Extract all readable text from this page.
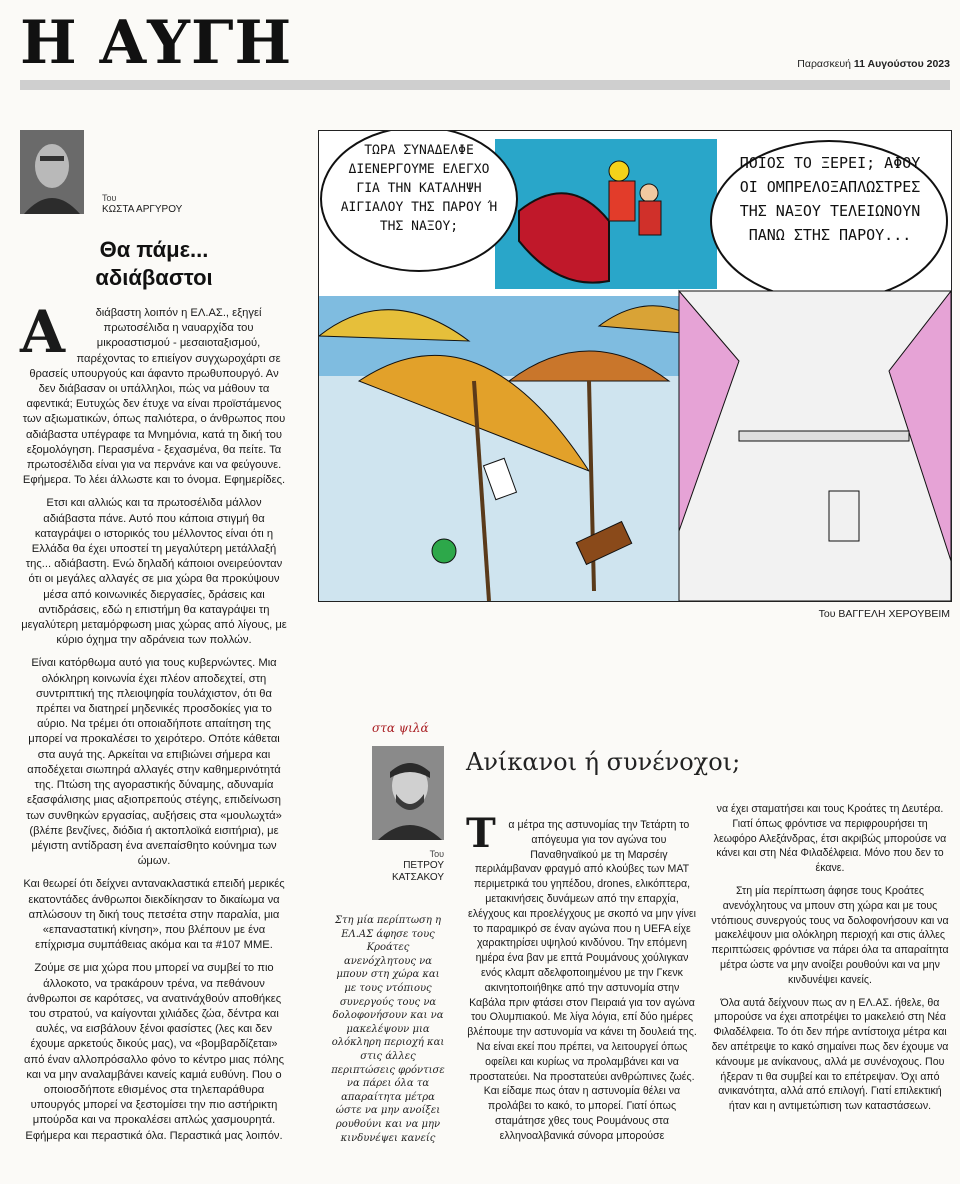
Η ΑΥΓΗ	Παρασκευή 11 Αυγούστου 2023
Του
ΚΩΣΤΑ ΑΡΓΥΡΟΥ
Θα πάμε...
αδιάβαστοι

Α	διάβαστη λοιπόν η ΕΛ.ΑΣ., εξηγεί πρωτοσέλιδα η ναυαρχίδα του μικροαστισμού - μεσαιοταξισμού, παρέχοντας το επιείγον συγχωροχάρτι σε θρασείς υπουργούς και άφαντο πρωθυπουργό. Αν δεν διάβασαν οι υπάλληλοι, πώς να μάθουν τα αφεντικά; Ευτυχώς δεν έτυχε να είναι προϊστάμενος των αξιωματικών, όπως παλιότερα, ο άνθρωπος που αδιάβαστα υπέγραφε τα Μνημόνια, κατά τη δική του εξομολόγηση. Περασμένα - ξεχασμένα, θα πείτε. Τα πρωτοσέλιδα είναι για να περνάνε και να φεύγουνε. Εφήμερα. Το λέει άλλωστε και το όνομα. Εφημερίδες.

Ετσι και αλλιώς και τα πρωτοσέλιδα μάλλον αδιάβαστα πάνε. Αυτό που κάποια στιγμή θα καταγράψει ο ιστορικός του μέλλοντος είναι ότι η Ελλάδα θα έχει υποστεί τη μεγαλύτερη μετάλλαξή της... αδιάβαστη. Ενώ δηλαδή κάποιοι ονειρεύονταν ότι οι μεγάλες αλλαγές σε μια χώρα θα προκύψουν μέσα από κοινωνικές διεργασίες, δράσεις και αντιδράσεις, εδώ η επιστήμη θα καταγράψει τη μεγαλύτερη μεταμόρφωση μιας χώρας από λίγους, με κύριο όχημα την αδράνεια των πολλών.

Είναι κατόρθωμα αυτό για τους κυβερνώντες. Μια ολόκληρη κοινωνία έχει πλέον αποδεχτεί, στη συντριπτική της πλειοψηφία τουλάχιστον, ότι θα πρέπει να διατηρεί μηδενικές προσδοκίες για το αύριο. Να τρέμει ότι οποιαδήποτε απαίτηση της μπορεί να προκαλέσει το χειρότερο. Οπότε κάθεται στα αυγά της. Αρκείται να επιβιώνει σήμερα και αποδέχεται σιωπηρά αλλαγές στην καθημερινότητά της. Πτώση της αγοραστικής δύναμης, αδυναμία εξασφάλισης μιας αξιοπρεπούς στέγης, επιδείνωση των συνθηκών εργασίας, αυξήσεις στα «μουλωχτά» (βλέπε βενζίνες, διόδια ή ακτοπλοϊκά εισιτήρια), με μέγιστη αντίδραση ένα ανεπαίσθητο κούνημα των ώμων.

Και θεωρεί ότι δείχνει αντανακλαστικά επειδή μερικές εκατοντάδες άνθρωποι διεκδίκησαν το δικαίωμα να απλώσουν τη δική τους πετσέτα στην παραλία, μια «επαναστατική κίνηση», που βλέπουν με ένα επίχρισμα συμπάθειας ακόμα και τα #107 ΜΜΕ.

Ζούμε σε μια χώρα που μπορεί να συμβεί το πιο άλλοκοτο, να τρακάρουν τρένα, να πεθάνουν άνθρωποι σε καρότσες, να ανατινάχθούν αποθήκες του στρατού, να καίγονται χιλιάδες ζώα, δέντρα και αυλές, να εισβάλουν ξένοι φασίστες (λες και δεν έχουμε αρκετούς δικούς μας), να «βομβαρδίζεται» από έναν αλλοπρόσαλλο φόνο το κέντρο μιας πόλης και να μην αναλαμβάνει κανείς καμιά ευθύνη. Που ο οποιοσδήποτε εθισμένος στα τηλεπαράθυρα υπουργός μπορεί να ξεστομίσει την πιο αστήρικτη μπούρδα και να προκαλέσει απλώς χασμουρητά. Εφήμερα και περαστικά όλα. Περαστικά μας λοιπόν.

ΤΩΡΑ ΣΥΝΑΔΕΛΦΕ ΔΙΕΝΕΡΓΟΥΜΕ ΕΛΕΓΧΟ ΓΙΑ ΤΗΝ ΚΑΤΑΛΗΨΗ ΑΙΓΙΑΛΟΥ ΤΗΣ ΠΑΡΟΥ Ή ΤΗΣ ΝΑΞΟΥ;
ΠΟΙΟΣ ΤΟ ΞΕΡΕΙ; ΑΦΟΥ ΟΙ ΟΜΠΡΕΛΟΞΑΠΛΩΣΤΡΕΣ ΤΗΣ ΝΑΞΟΥ ΤΕΛΕΙΩΝΟΥΝ ΠΑΝΩ ΣΤΗΣ ΠΑΡΟΥ...
Του ΒΑΓΓΕΛΗ ΧΕΡΟΥΒΕΙΜ
στα ψιλά
Ανίκανοι ή συνένοχοι;
Του
ΠΕΤΡΟΥ
ΚΑΤΣΑΚΟΥ
Στη μία περίπτωση η ΕΛ.ΑΣ άφησε τους Κροάτες ανενόχλητους να μπουν στη χώρα και με τους ντόπιους συνεργούς τους να δολοφονήσουν και να μακελέψουν μια ολόκληρη περιοχή και στις άλλες περιπτώσεις φρόντισε να πάρει όλα τα απαραίτητα μέτρα ώστε να μην ανοίξει ρουθούνι και να μην κινδυνέψει κανείς

Τ α μέτρα της αστυνομίας την Τετάρτη το απόγευμα για τον αγώνα του Παναθηναϊκού με τη Μαρσέιγ περιλάμβαναν φραγμό από κλούβες των ΜΑΤ περιμετρικά του γηπέδου, drones, ελικόπτερα, μετακινήσεις δυνάμεων από την επαρχία, ελέγχους και προελέγχους με σκοπό να μην γίνει το παραμικρό σε έναν αγώνα που η UEFA είχε χαρακτηρίσει υψηλού κινδύνου. Την επόμενη ημέρα ένα βαν με επτά Ρουμάνους χούλιγκαν ενός κλαμπ αδελφοποιημένου με την Γκενκ ακινητοποιήθηκε από την αστυνομία στην Καβάλα πριν φτάσει στον Πειραιά για τον αγώνα του Ολυμπιακού. Με λίγα λόγια, επί δύο ημέρες βλέπουμε την αστυνομία να κάνει τη δουλειά της. Να είναι εκεί που πρέπει, να λειτουργεί όπως οφείλει και κυρίως να προλαμβάνει και να προστατεύει. Να προστατεύει ανθρώπινες ζωές. Και είδαμε πως όταν η αστυνομία θέλει να προλάβει το κακό, το μπορεί. Γιατί όπως σταμάτησε χθες τους Ρουμάνους στα ελληνοαλβανικά σύνορα μπορούσε

να έχει σταματήσει και τους Κροάτες τη Δευτέρα. Γιατί όπως φρόντισε να περιφρουρήσει τη λεωφόρο Αλεξάνδρας, έτσι ακριβώς μπορούσε να κάνει και στη Νέα Φιλαδέλφεια. Μόνο που δεν το έκανε.

Στη μία περίπτωση άφησε τους Κροάτες ανενόχλητους να μπουν στη χώρα και με τους ντόπιους συνεργούς τους να δολοφονήσουν και να μακελέψουν μια ολόκληρη περιοχή και στις άλλες περιπτώσεις φρόντισε να πάρει όλα τα απαραίτητα μέτρα ώστε να μην ανοίξει ρουθούνι και να μην κινδυνέψει κανείς.

Όλα αυτά δείχνουν πως αν η ΕΛ.ΑΣ. ήθελε, θα μπορούσε να έχει αποτρέψει το μακελειό στη Νέα Φιλαδέλφεια. Το ότι δεν πήρε αντίστοιχα μέτρα και δεν απέτρεψε το κακό σημαίνει πως δεν έχουμε να κάνουμε με ανίκανους, αλλά με συνένοχους. Που ήξεραν τι θα συμβεί και το επέτρεψαν. Όχι από ανικανότητα, αλλά από επιλογή. Γιατί επιλεκτική ήταν και η αντιμετώπιση των καταστάσεων.
